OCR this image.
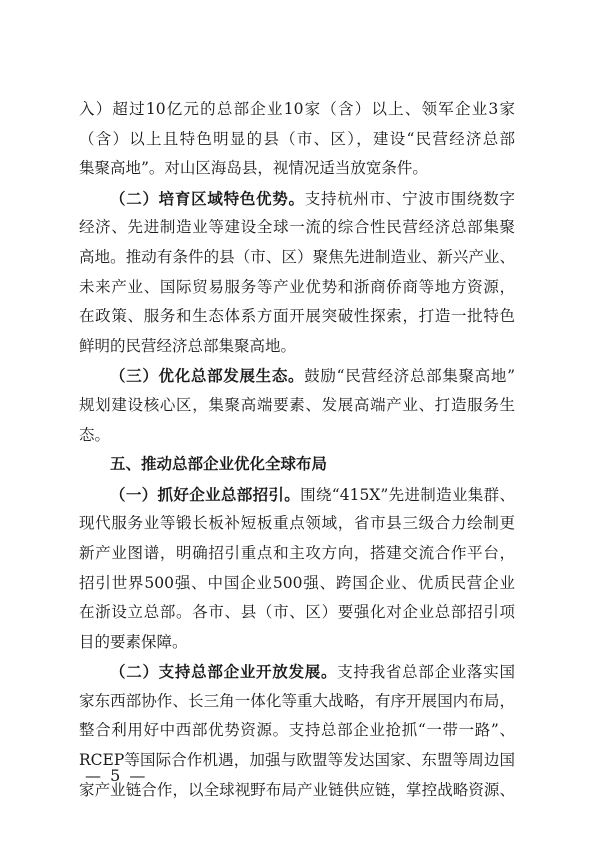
入）超过10亿元的总部企业10家（含）以上、领军企业3家
（含）以上且特色明显的县（市、区），建设“民营经济总部
集聚高地”。对山区海岛县，视情况适当放宽条件。
（二）培育区域特色优势。支持杭州市、宁波市围绕数字
经济、先进制造业等建设全球一流的综合性民营经济总部集聚
高地。推动有条件的县（市、区）聚焦先进制造业、新兴产业、
未来产业、国际贸易服务等产业优势和浙商侨商等地方资源，
在政策、服务和生态体系方面开展突破性探索，打造一批特色
鲜明的民营经济总部集聚高地。
（三）优化总部发展生态。鼓励“民营经济总部集聚高地”
规划建设核心区，集聚高端要素、发展高端产业、打造服务生
态。
五、推动总部企业优化全球布局
（一）抓好企业总部招引。围绕“415X”先进制造业集群、
现代服务业等锻长板补短板重点领域，省市县三级合力绘制更
新产业图谱，明确招引重点和主攻方向，搭建交流合作平台，
招引世界500强、中国企业500强、跨国企业、优质民营企业
在浙设立总部。各市、县（市、区）要强化对企业总部招引项
目的要素保障。
（二）支持总部企业开放发展。支持我省总部企业落实国
家东西部协作、长三角一体化等重大战略，有序开展国内布局，
整合利用好中西部优势资源。支持总部企业抢抓“一带一路”、
RCEP等国际合作机遇，加强与欧盟等发达国家、东盟等周边国
家产业链合作，以全球视野布局产业链供应链，掌控战略资源、
— 5 —
